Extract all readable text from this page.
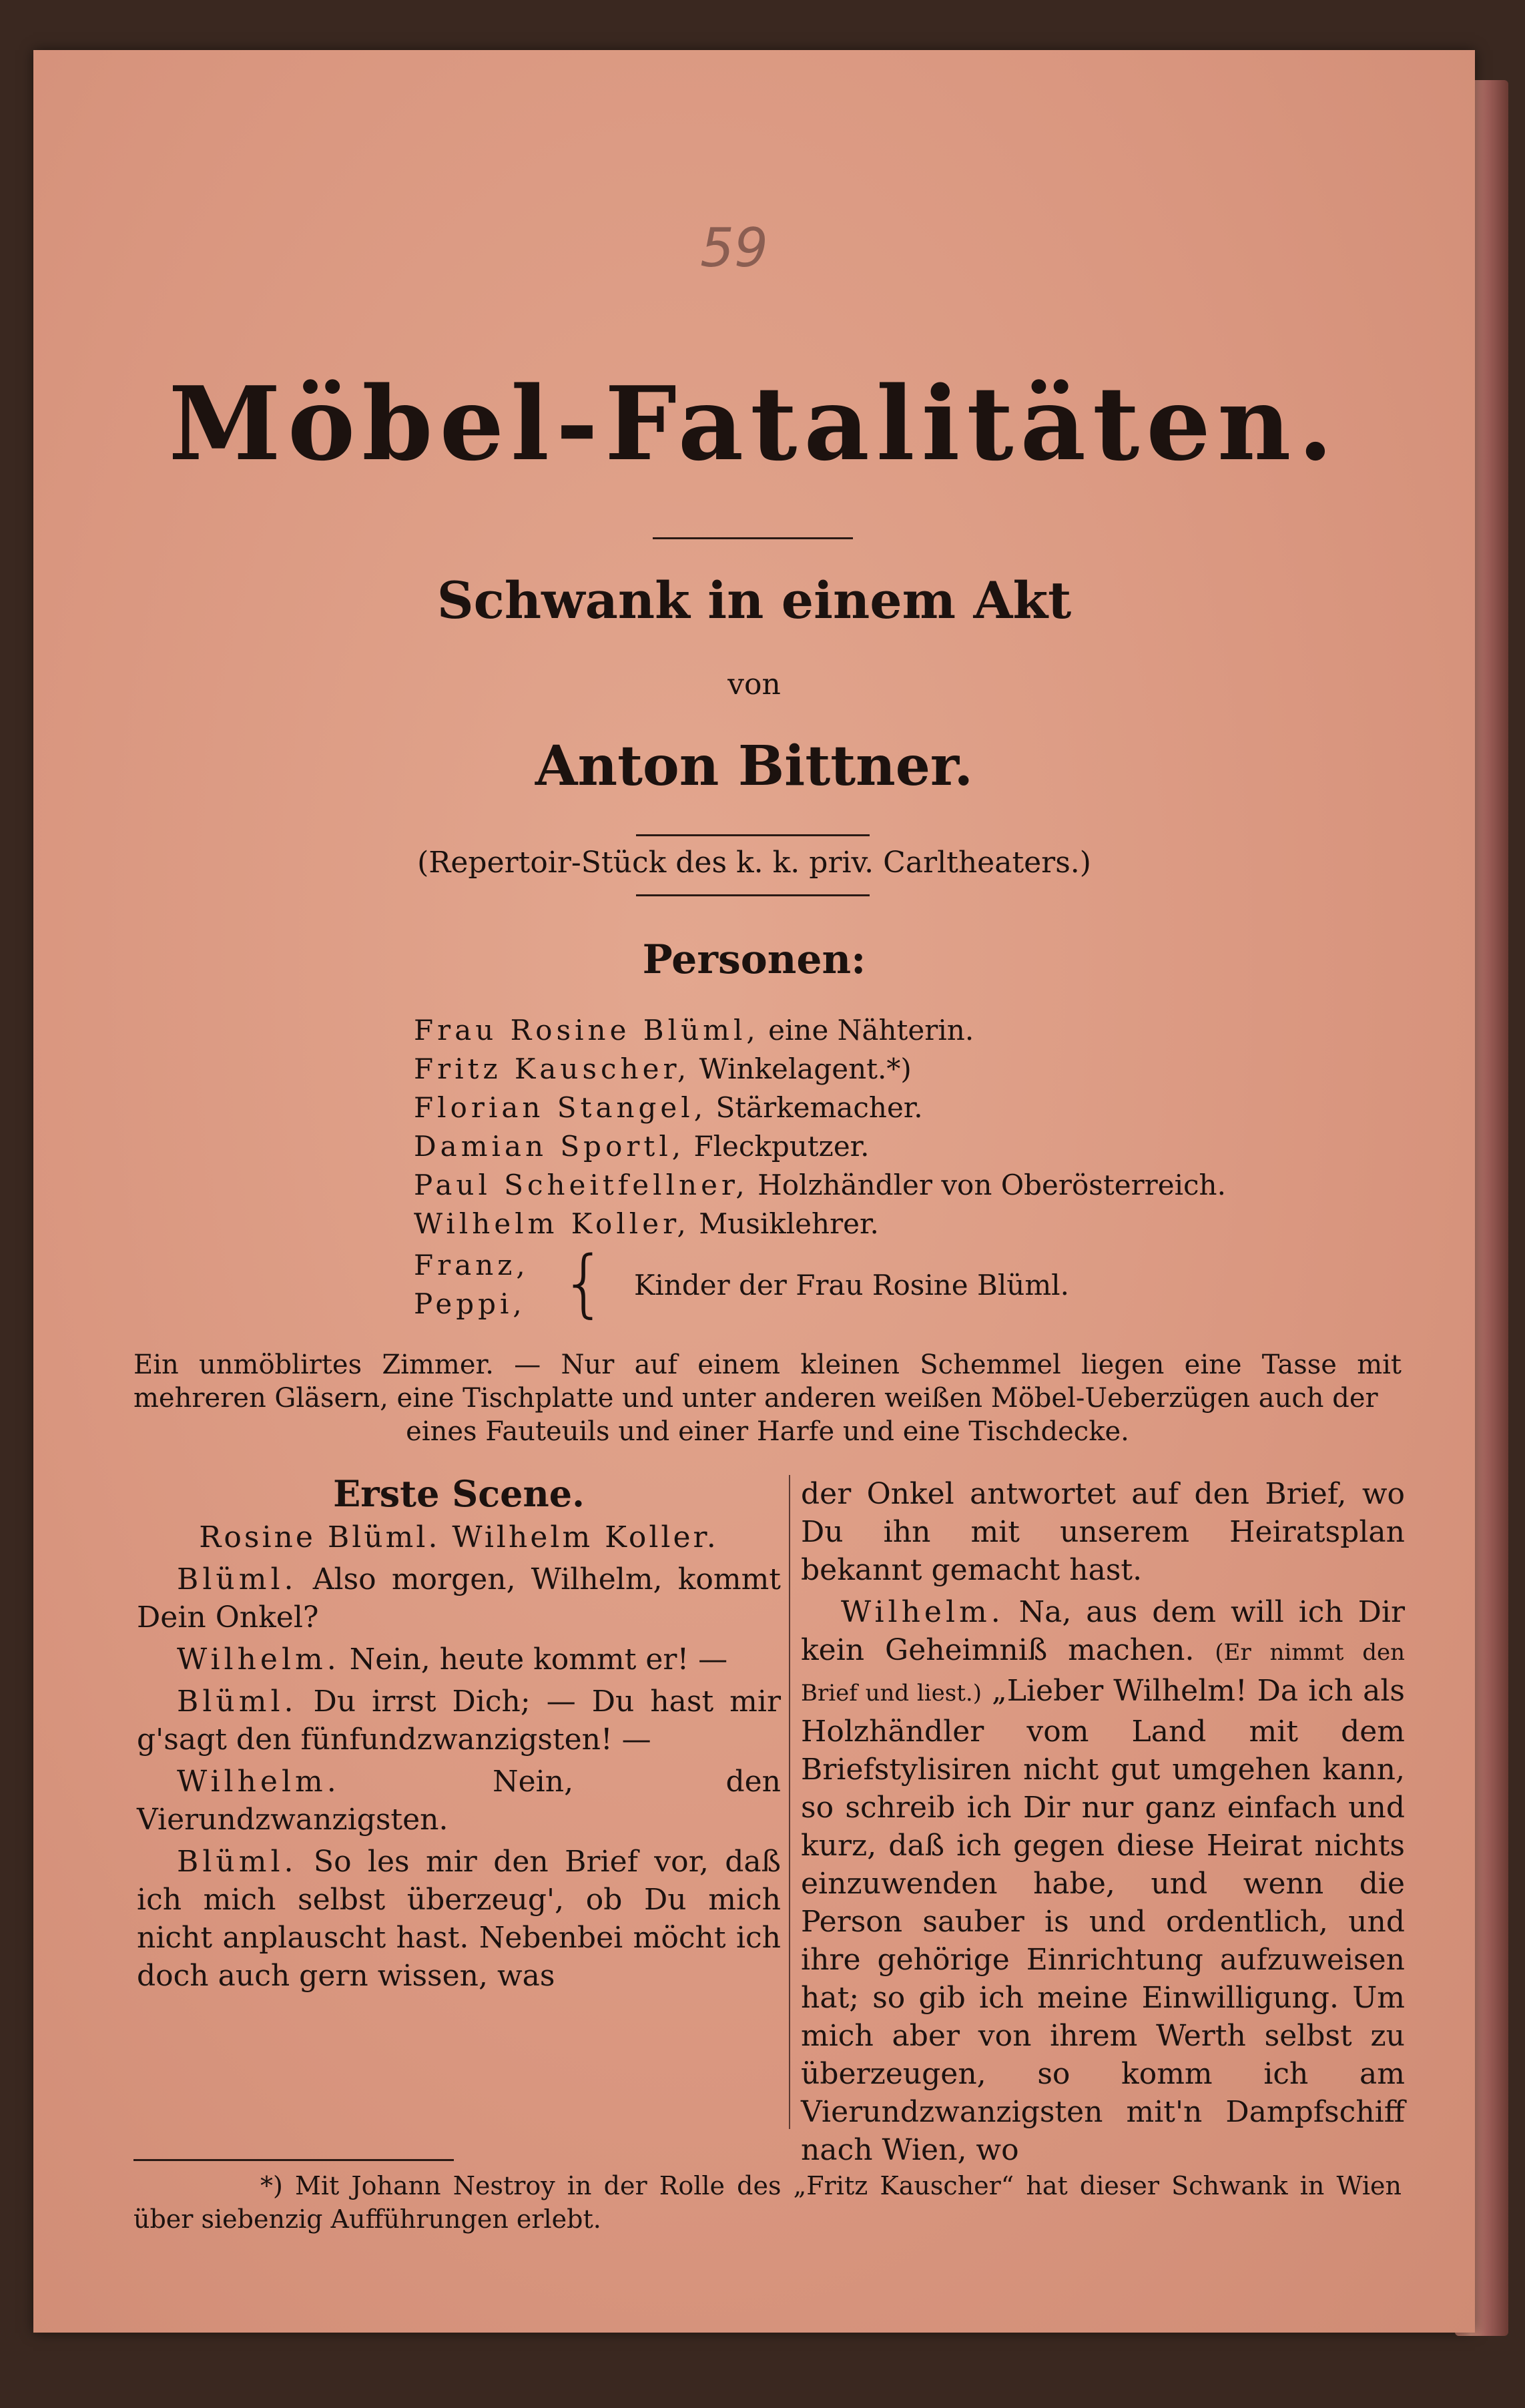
59
Möbel-Fatalitäten.
Schwank in einem Akt
von
Anton Bittner.
(Repertoir-Stück des k. k. priv. Carltheaters.)
Personen:
Frau Rosine Blüml, eine Nähterin.
Fritz Kauscher, Winkelagent.*)
Florian Stangel, Stärkemacher.
Damian Sportl, Fleckputzer.
Paul Scheitfellner, Holzhändler von Oberösterreich.
Wilhelm Koller, Musiklehrer.
Franz,
Peppi, { Kinder der Frau Rosine Blüml.
Ein unmöblirtes Zimmer. — Nur auf einem kleinen Schemmel liegen eine Tasse mit mehreren Gläsern, eine Tischplatte und unter anderen weißen Möbel-Ueberzügen auch der
eines Fauteuils und einer Harfe und eine Tischdecke.
Erste Scene.
Rosine Blüml. Wilhelm Koller.
Blüml. Also morgen, Wilhelm, kommt Dein Onkel?
Wilhelm. Nein, heute kommt er! —
Blüml. Du irrst Dich; — Du hast mir g'sagt den fünfundzwanzigsten! —
Wilhelm.	Nein, den Vierundzwanzigsten.
Blüml. So les mir den Brief vor, daß ich mich selbst überzeug', ob Du mich nicht anplauscht hast. Nebenbei möcht ich doch auch gern wissen, was
der Onkel antwortet auf den Brief, wo Du ihn mit unserem Heiratsplan bekannt gemacht hast.
Wilhelm. Na, aus dem will ich Dir kein Geheimniß machen. (Er nimmt den Brief und liest.) „Lieber Wilhelm! Da ich als Holzhändler vom Land mit dem Briefstylisiren nicht gut umgehen kann, so schreib ich Dir nur ganz einfach und kurz, daß ich gegen diese Heirat nichts einzuwenden habe, und wenn die Person sauber is und ordentlich, und ihre gehörige Einrichtung aufzuweisen hat; so gib ich meine Einwilligung. Um mich aber von ihrem Werth selbst zu überzeugen, so komm ich am Vierundzwanzigsten mit'n Dampfschiff nach Wien, wo
*) Mit Johann Nestroy in der Rolle des „Fritz Kauscher“ hat dieser Schwank in Wien über siebenzig Aufführungen erlebt.
